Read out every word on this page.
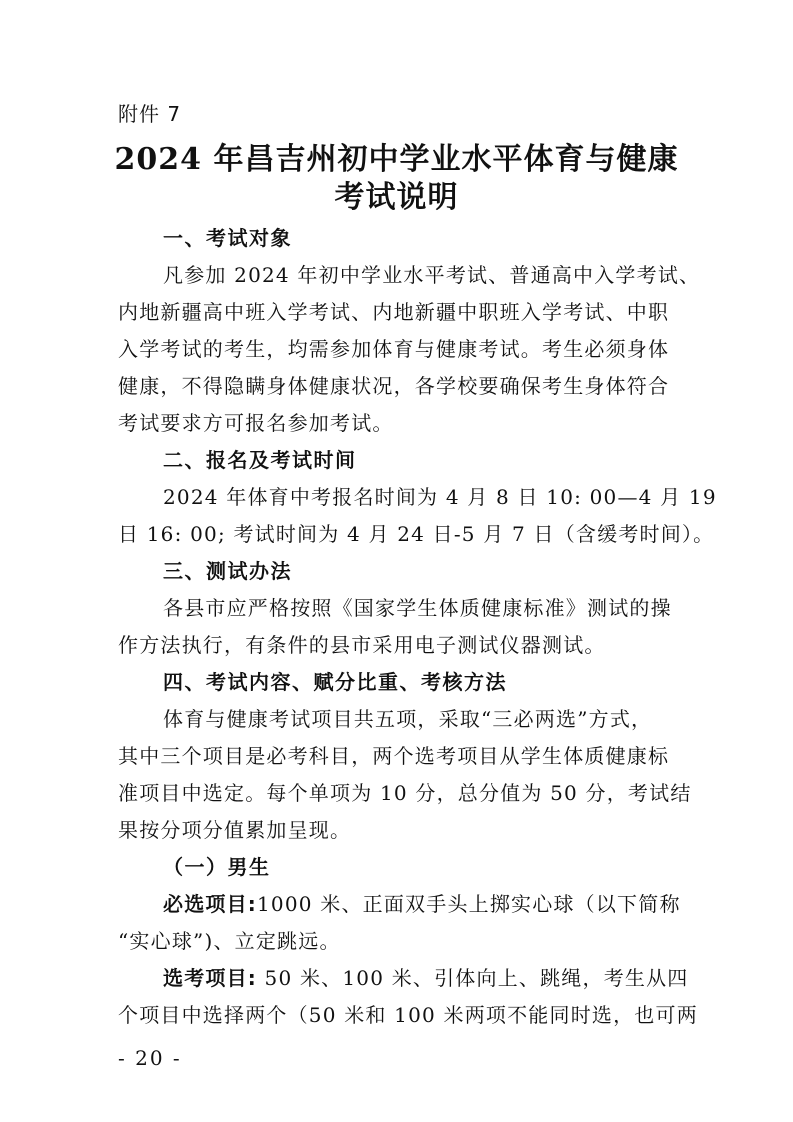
附件 7
2024 年昌吉州初中学业水平体育与健康
考试说明
一、考试对象
凡参加 2024 年初中学业水平考试、普通高中入学考试、
内地新疆高中班入学考试、内地新疆中职班入学考试、中职
入学考试的考生，均需参加体育与健康考试。考生必须身体
健康，不得隐瞒身体健康状况，各学校要确保考生身体符合
考试要求方可报名参加考试。
二、报名及考试时间
2024 年体育中考报名时间为 4 月 8 日 10: 00—4 月 19
日 16: 00; 考试时间为 4 月 24 日-5 月 7 日（含缓考时间）。
三、测试办法
各县市应严格按照《国家学生体质健康标准》测试的操
作方法执行，有条件的县市采用电子测试仪器测试。
四、考试内容、赋分比重、考核方法
体育与健康考试项目共五项，采取“三必两选”方式，
其中三个项目是必考科目，两个选考项目从学生体质健康标
准项目中选定。每个单项为 10 分，总分值为 50 分，考试结
果按分项分值累加呈现。
（一）男生
必选项目:1000 米、正面双手头上掷实心球（以下简称
“实心球”)、立定跳远。
选考项目: 50 米、100 米、引体向上、跳绳，考生从四
个项目中选择两个（50 米和 100 米两项不能同时选，也可两
- 20 -
